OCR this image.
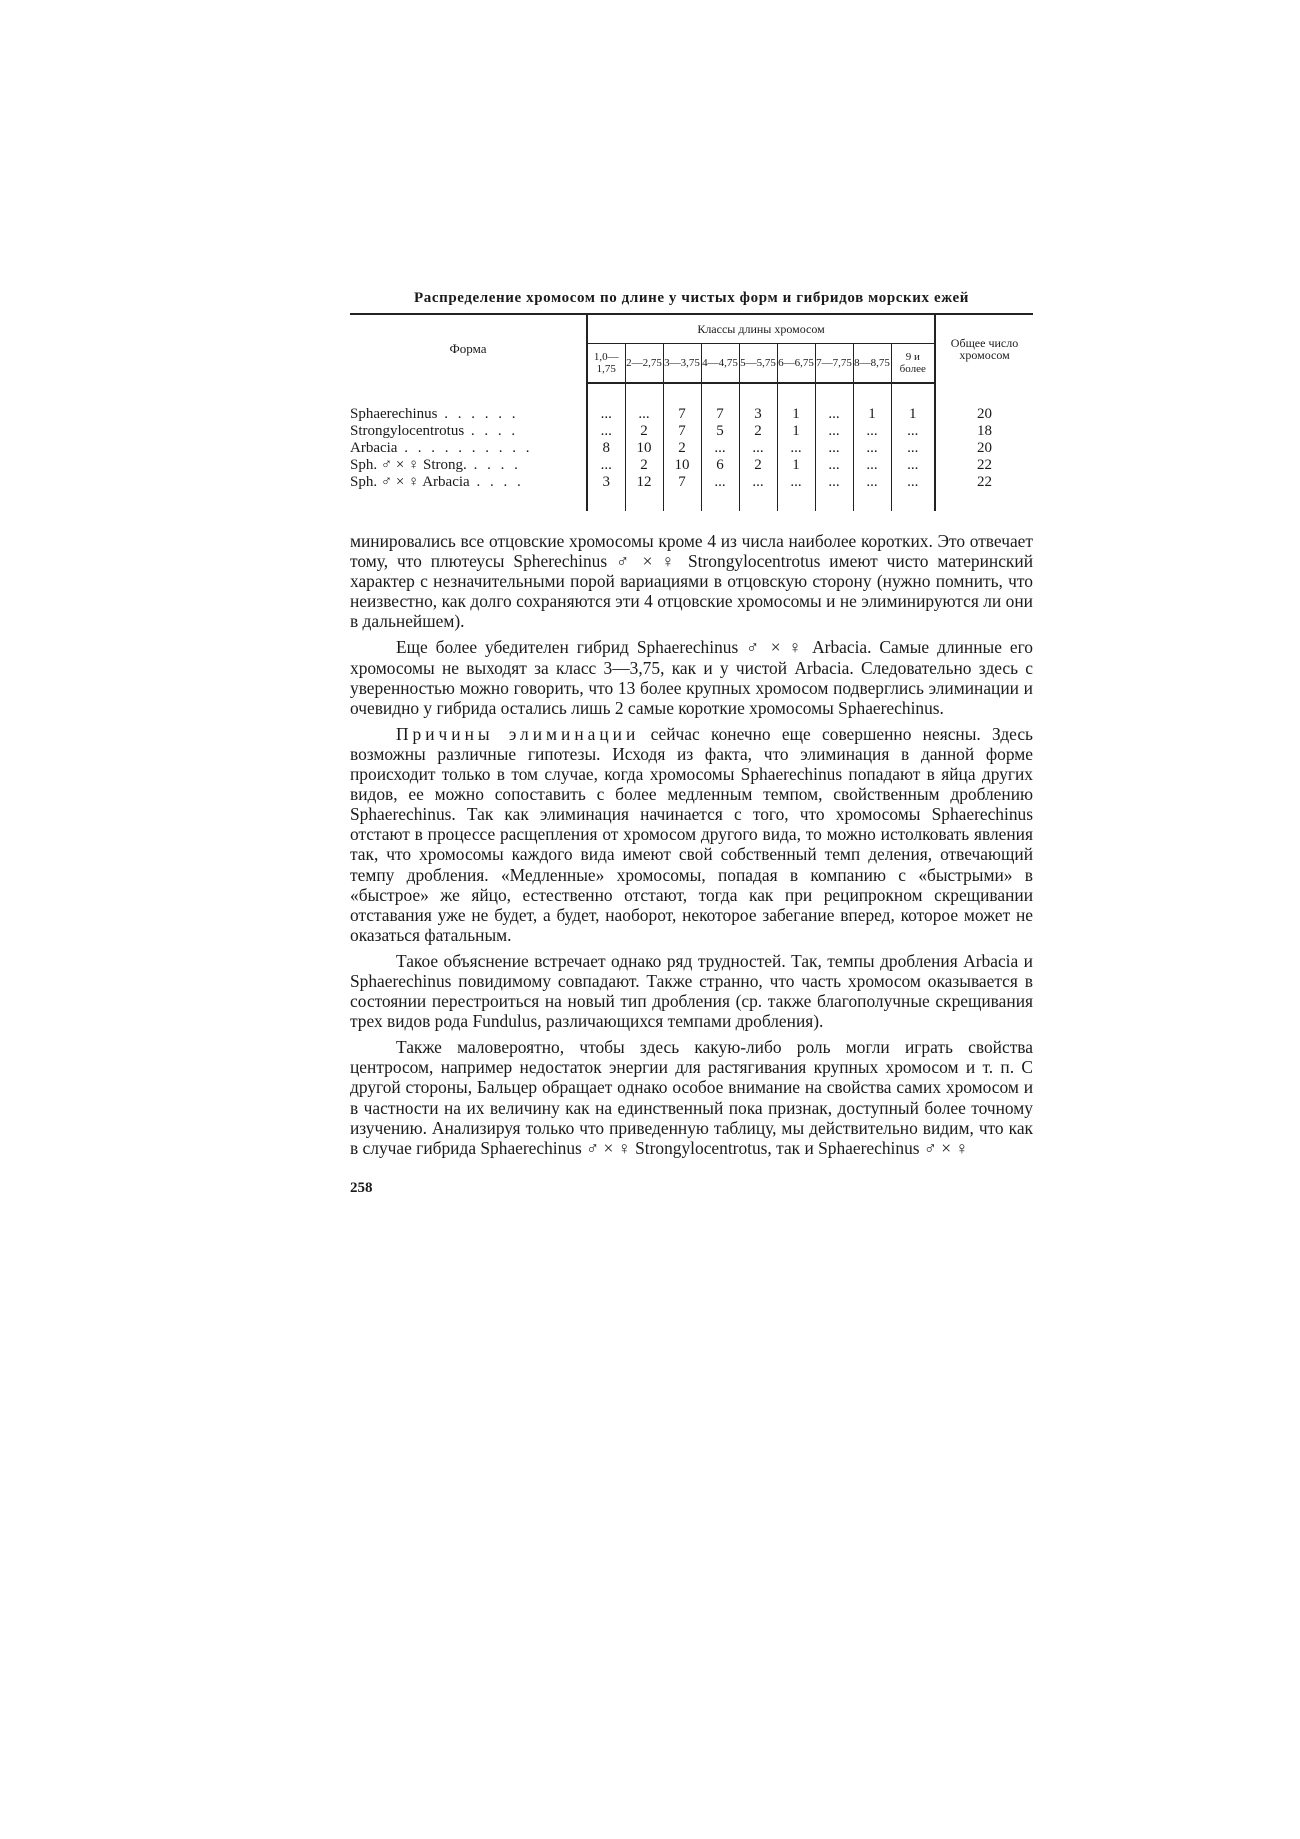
Распределение хромосом по длине у чистых форм и гибридов морских ежей
Форма	Классы длины хромосом									Общее число хромосом
	1,0—1,75	2—2,75	3—3,75	4—4,75	5—5,75	6—6,75	7—7,75	8—8,75	9 и более	

Sphaerechinus . . . . . .	...	...	7	7	3	1	...	1	1	20
Strongylocentrotus . . . .	...	2	7	5	2	1	...	...	...	18
Arbacia . . . . . . . . . .	8	10	2	...	...	...	...	...	...	20
Sph. ♂ × ♀ Strong. . . . .	...	2	10	6	2	1	...	...	...	22
Sph. ♂ × ♀ Arbacia . . . .	3	12	7	...	...	...	...	...	...	22

минировались все отцовские хромосомы кроме 4 из числа наиболее коротких. Это отвечает тому, что плютеусы Spherechinus ♂ × ♀ Strongylocentrotus имеют чисто материнский характер с незначительными порой вариациями в отцовскую сторону (нужно помнить, что неизвестно, как долго сохраняются эти 4 отцовские хромосомы и не элиминируются ли они в дальнейшем).

Еще более убедителен гибрид Sphaerechinus ♂ × ♀ Arbacia. Самые длинные его хромосомы не выходят за класс 3—3,75, как и у чистой Arbacia. Следовательно здесь с уверенностью можно говорить, что 13 более крупных хромосом подверглись элиминации и очевидно у гибрида остались лишь 2 самые короткие хромосомы Sphaerechinus.

Причины элиминации сейчас конечно еще совершенно неясны. Здесь возможны различные гипотезы. Исходя из факта, что элиминация в данной форме происходит только в том случае, когда хромосомы Sphaerechinus попадают в яйца других видов, ее можно сопоставить с более медленным темпом, свойственным дроблению Sphaerechinus. Так как элиминация начинается с того, что хромосомы Sphaerechinus отстают в процессе расщепления от хромосом другого вида, то можно истолковать явления так, что хромосомы каждого вида имеют свой собственный темп деления, отвечающий темпу дробления. «Медленные» хромосомы, попадая в компанию с «быстрыми» в «быстрое» же яйцо, естественно отстают, тогда как при реципрокном скрещивании отставания уже не будет, а будет, наоборот, некоторое забегание вперед, которое может не оказаться фатальным.

Такое объяснение встречает однако ряд трудностей. Так, темпы дробления Arbacia и Sphaerechinus повидимому совпадают. Также странно, что часть хромосом оказывается в состоянии перестроиться на новый тип дробления (ср. также благополучные скрещивания трех видов рода Fundulus, различающихся темпами дробления).

Также маловероятно, чтобы здесь какую-либо роль могли играть свойства центросом, например недостаток энергии для растягивания крупных хромосом и т. п. С другой стороны, Бальцер обращает однако особое внимание на свойства самих хромосом и в частности на их величину как на единственный пока признак, доступный более точному изучению. Анализируя только что приведенную таблицу, мы действительно видим, что как в случае гибрида Sphaerechinus ♂ × ♀ Strongylocentrotus, так и Sphaerechinus ♂ × ♀

258
